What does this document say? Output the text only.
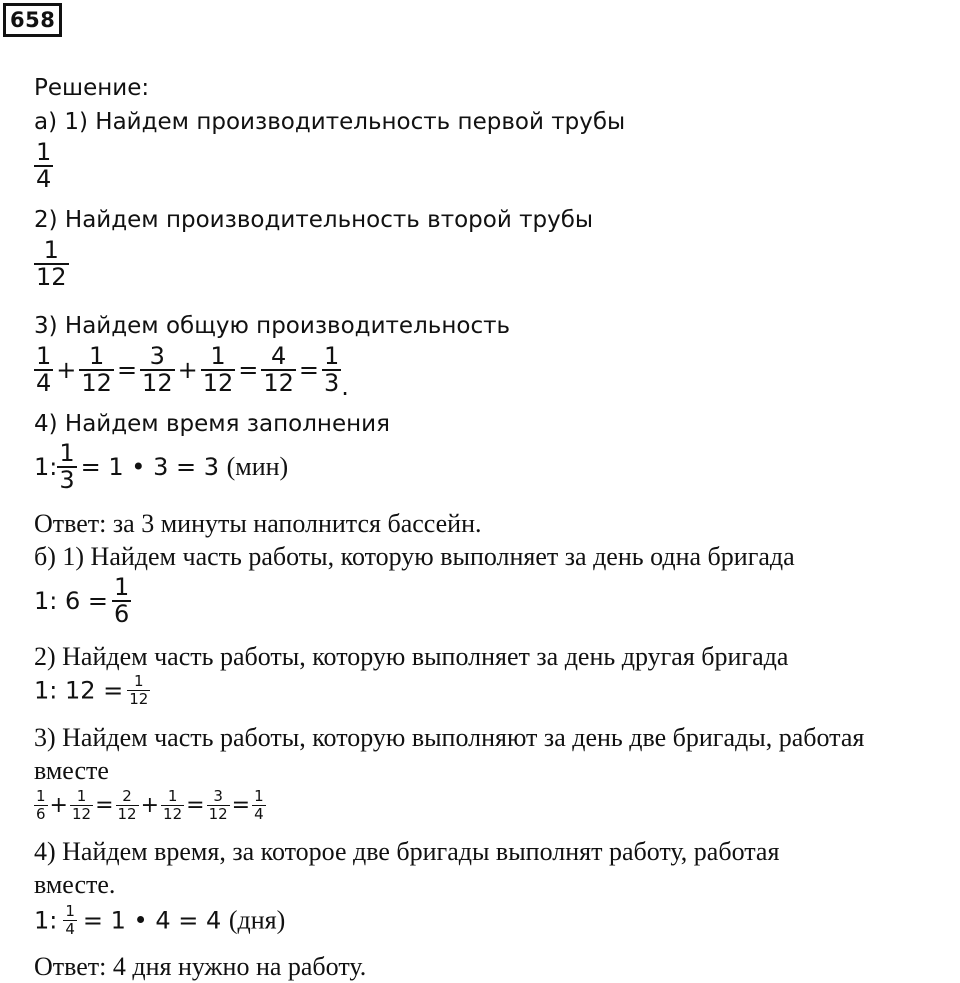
658
Решение:
а) 1) Найдем производительность первой трубы
$\frac{1}{4}$
2) Найдем производительность второй трубы
$\frac{1}{12}$
3) Найдем общую производительность
$\frac{1}{4} + \frac{1}{12} = \frac{3}{12} + \frac{1}{12} = \frac{4}{12} = \frac{1}{3}$ .
4) Найдем время заполнения
1: $\frac{1}{3} = 1$ • 3 = 3 (мин)
Ответ: за 3 минуты наполнится бассейн.
б) 1) Найдем часть работы, которую выполняет за день одна бригада
1: $6 = \frac{1}{6}$
2) Найдем часть работы, которую выполняет за день другая бригада
1: $12 = \frac{1}{12}$
3) Найдем часть работы, которую выполняют за день две бригады, работая
вместе
$\frac{1}{6} + \frac{1}{12} = \frac{2}{12} + \frac{1}{12} = \frac{3}{12} = \frac{1}{4}$
4) Найдем время, за которое две бригады выполнят работу, работая
вместе.
1: $\frac{1}{4} = 1$ • 4 = 4 (дня)
Ответ: 4 дня нужно на работу.
